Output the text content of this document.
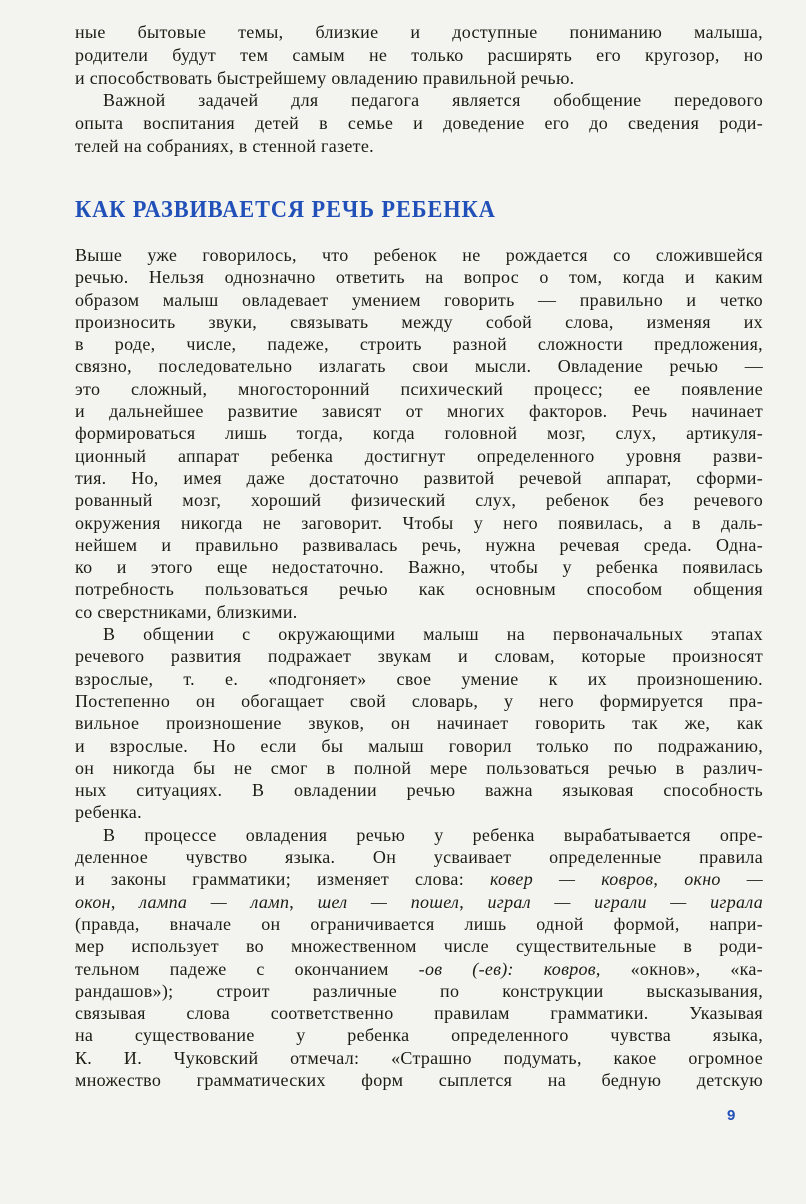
ные бытовые темы, близкие и доступные пониманию малыша,
родители будут тем самым не только расширять его кругозор, но
и способствовать быстрейшему овладению правильной речью.
Важной задачей для педагога является обобщение передового
опыта воспитания детей в семье и доведение его до сведения роди-
телей на собраниях, в стенной газете.
КАК РАЗВИВАЕТСЯ РЕЧЬ РЕБЕНКА
Выше уже говорилось, что ребенок не рождается со сложившейся
речью. Нельзя однозначно ответить на вопрос о том, когда и каким
образом малыш овладевает умением говорить — правильно и четко
произносить звуки, связывать между собой слова, изменяя их
в роде, числе, падеже, строить разной сложности предложения,
связно, последовательно излагать свои мысли. Овладение речью —
это сложный, многосторонний психический процесс; ее появление
и дальнейшее развитие зависят от многих факторов. Речь начинает
формироваться лишь тогда, когда головной мозг, слух, артикуля-
ционный аппарат ребенка достигнут определенного уровня разви-
тия. Но, имея даже достаточно развитой речевой аппарат, сформи-
рованный мозг, хороший физический слух, ребенок без речевого
окружения никогда не заговорит. Чтобы у него появилась, а в даль-
нейшем и правильно развивалась речь, нужна речевая среда. Одна-
ко и этого еще недостаточно. Важно, чтобы у ребенка появилась
потребность пользоваться речью как основным способом общения
со сверстниками, близкими.
В общении с окружающими малыш на первоначальных этапах
речевого развития подражает звукам и словам, которые произносят
взрослые, т. е. «подгоняет» свое умение к их произношению.
Постепенно он обогащает свой словарь, у него формируется пра-
вильное произношение звуков, он начинает говорить так же, как
и взрослые. Но если бы малыш говорил только по подражанию,
он никогда бы не смог в полной мере пользоваться речью в различ-
ных ситуациях. В овладении речью важна языковая способность
ребенка.
В процессе овладения речью у ребенка вырабатывается опре-
деленное чувство языка. Он усваивает определенные правила
и законы грамматики; изменяет слова: ковер — ковров, окно —
окон, лампа — ламп, шел — пошел, играл — играли — играла
(правда, вначале он ограничивается лишь одной формой, напри-
мер использует во множественном числе существительные в роди-
тельном падеже с окончанием -ов (-ев): ковров, «окнов», «ка-
рандашов»); строит различные по конструкции высказывания,
связывая слова соответственно правилам грамматики. Указывая
на существование у ребенка определенного чувства языка,
К. И. Чуковский отмечал: «Страшно подумать, какое огромное
множество грамматических форм сыплется на бедную детскую
9
